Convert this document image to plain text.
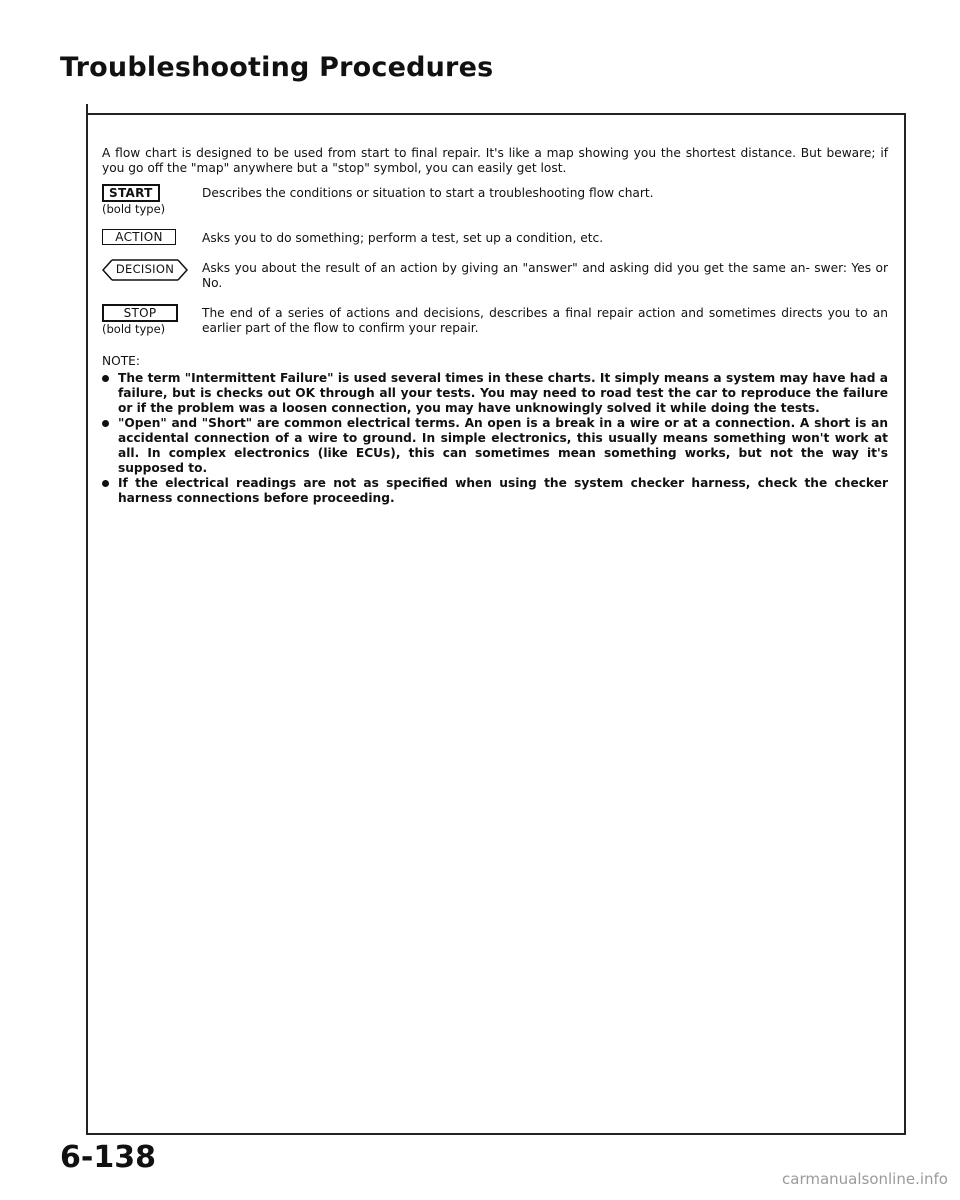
Troubleshooting Procedures

A flow chart is designed to be used from start to final repair. It's like a map showing you the shortest distance. But beware; if you go off the "map" anywhere but a "stop" symbol, you can easily get lost.

START
(bold type)
Describes the conditions or situation to start a troubleshooting flow chart.
ACTION	Asks you to do something; perform a test, set up a condition, etc.
DECISION	Asks you about the result of an action by giving an "answer" and asking did you get the same an- swer: Yes or No.
STOP
(bold type)
The end of a series of actions and decisions, describes a final repair action and sometimes directs you to an earlier part of the flow to confirm your repair.

NOTE:

The term "Intermittent Failure" is used several times in these charts. It simply means a system may have had a failure, but is checks out OK through all your tests. You may need to road test the car to reproduce the failure or if the problem was a loosen connection, you may have unknowingly solved it while doing the tests.
"Open" and "Short" are common electrical terms. An open is a break in a wire or at a connection. A short is an accidental connection of a wire to ground. In simple electronics, this usually means something won't work at all. In complex electronics (like ECUs), this can sometimes mean something works, but not the way it's supposed to.
If the electrical readings are not as specified when using the system checker harness, check the checker harness connections before proceeding.

6-138

carmanualsonline.info
